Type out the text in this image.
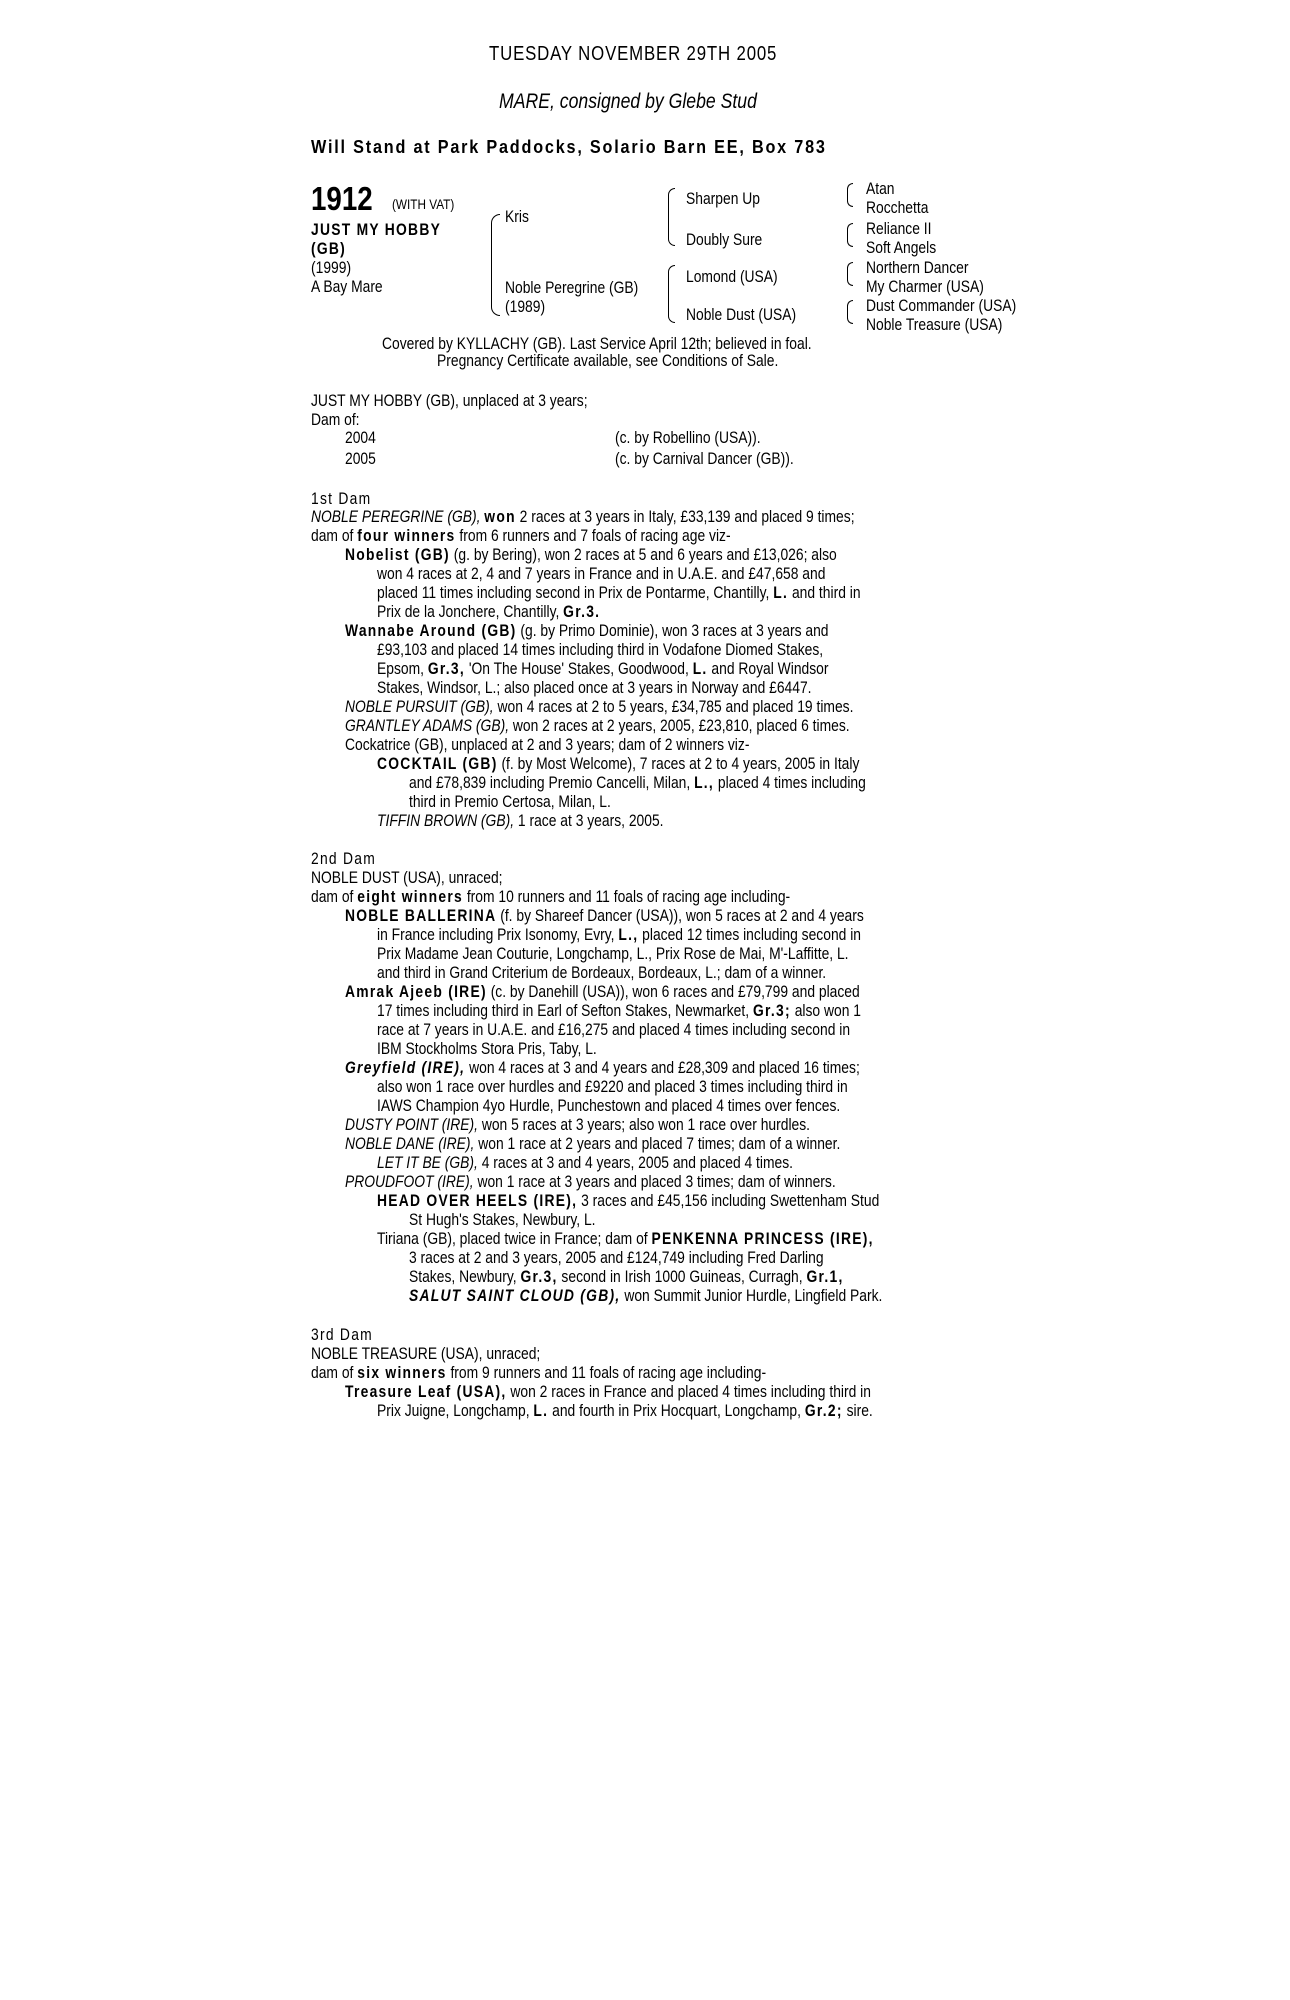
TUESDAY NOVEMBER 29TH 2005
MARE, consigned by Glebe Stud
Will Stand at Park Paddocks, Solario Barn EE, Box 783
1912 (WITH VAT)
JUST MY HOBBY
(GB)
(1999)
A Bay Mare
Kris
Noble Peregrine (GB)
(1989)
Sharpen Up
Doubly Sure
Lomond (USA)
Noble Dust (USA)
Atan
Rocchetta
Reliance II
Soft Angels
Northern Dancer
My Charmer (USA)
Dust Commander (USA)
Noble Treasure (USA)
Covered by KYLLACHY (GB). Last Service April 12th; believed in foal.
Pregnancy Certificate available, see Conditions of Sale.
JUST MY HOBBY (GB), unplaced at 3 years;
Dam of:
2004	(c. by Robellino (USA)).
2005	(c. by Carnival Dancer (GB)).
1st Dam
NOBLE PEREGRINE (GB), won 2 races at 3 years in Italy, £33,139 and placed 9 times;
dam of four winners from 6 runners and 7 foals of racing age viz-
Nobelist (GB) (g. by Bering), won 2 races at 5 and 6 years and £13,026; also
won 4 races at 2, 4 and 7 years in France and in U.A.E. and £47,658 and
placed 11 times including second in Prix de Pontarme, Chantilly, L. and third in
Prix de la Jonchere, Chantilly, Gr.3.
Wannabe Around (GB) (g. by Primo Dominie), won 3 races at 3 years and
£93,103 and placed 14 times including third in Vodafone Diomed Stakes,
Epsom, Gr.3, 'On The House' Stakes, Goodwood, L. and Royal Windsor
Stakes, Windsor, L.; also placed once at 3 years in Norway and £6447.
NOBLE PURSUIT (GB), won 4 races at 2 to 5 years, £34,785 and placed 19 times.
GRANTLEY ADAMS (GB), won 2 races at 2 years, 2005, £23,810, placed 6 times.
Cockatrice (GB), unplaced at 2 and 3 years; dam of 2 winners viz-
COCKTAIL (GB) (f. by Most Welcome), 7 races at 2 to 4 years, 2005 in Italy
and £78,839 including Premio Cancelli, Milan, L., placed 4 times including
third in Premio Certosa, Milan, L.
TIFFIN BROWN (GB), 1 race at 3 years, 2005.
2nd Dam
NOBLE DUST (USA), unraced;
dam of eight winners from 10 runners and 11 foals of racing age including-
NOBLE BALLERINA (f. by Shareef Dancer (USA)), won 5 races at 2 and 4 years
in France including Prix Isonomy, Evry, L., placed 12 times including second in
Prix Madame Jean Couturie, Longchamp, L., Prix Rose de Mai, M'-Laffitte, L.
and third in Grand Criterium de Bordeaux, Bordeaux, L.; dam of a winner.
Amrak Ajeeb (IRE) (c. by Danehill (USA)), won 6 races and £79,799 and placed
17 times including third in Earl of Sefton Stakes, Newmarket, Gr.3; also won 1
race at 7 years in U.A.E. and £16,275 and placed 4 times including second in
IBM Stockholms Stora Pris, Taby, L.
Greyfield (IRE), won 4 races at 3 and 4 years and £28,309 and placed 16 times;
also won 1 race over hurdles and £9220 and placed 3 times including third in
IAWS Champion 4yo Hurdle, Punchestown and placed 4 times over fences.
DUSTY POINT (IRE), won 5 races at 3 years; also won 1 race over hurdles.
NOBLE DANE (IRE), won 1 race at 2 years and placed 7 times; dam of a winner.
LET IT BE (GB), 4 races at 3 and 4 years, 2005 and placed 4 times.
PROUDFOOT (IRE), won 1 race at 3 years and placed 3 times; dam of winners.
HEAD OVER HEELS (IRE), 3 races and £45,156 including Swettenham Stud
St Hugh's Stakes, Newbury, L.
Tiriana (GB), placed twice in France; dam of PENKENNA PRINCESS (IRE),
3 races at 2 and 3 years, 2005 and £124,749 including Fred Darling
Stakes, Newbury, Gr.3, second in Irish 1000 Guineas, Curragh, Gr.1,
SALUT SAINT CLOUD (GB), won Summit Junior Hurdle, Lingfield Park.
3rd Dam
NOBLE TREASURE (USA), unraced;
dam of six winners from 9 runners and 11 foals of racing age including-
Treasure Leaf (USA), won 2 races in France and placed 4 times including third in
Prix Juigne, Longchamp, L. and fourth in Prix Hocquart, Longchamp, Gr.2; sire.
